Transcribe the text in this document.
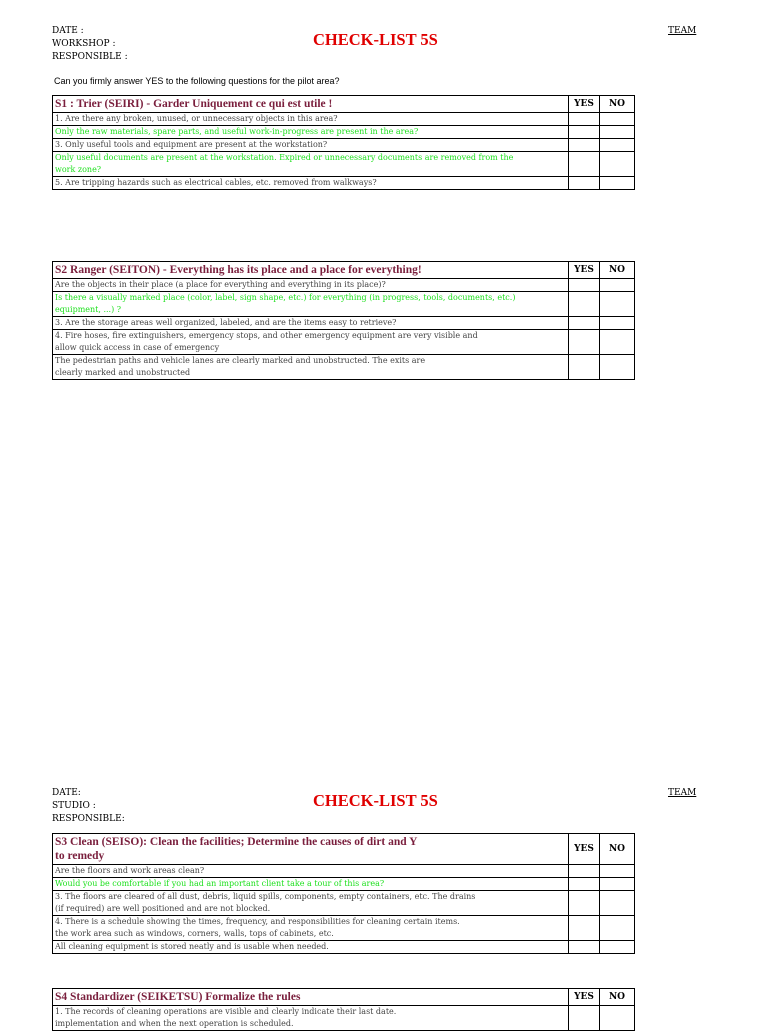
DATE :
WORKSHOP :
RESPONSIBLE :
CHECK-LIST 5S	TEAM
Can you firmly answer YES to the following questions for the pilot area?
S1 : Trier (SEIRI) - Garder Uniquement ce qui est utile !	YES	NO
1. Are there any broken, unused, or unnecessary objects in this area?		
Only the raw materials, spare parts, and useful work-in-progress are present in the area?		
3. Only useful tools and equipment are present at the workstation?		
Only useful documents are present at the workstation. Expired or unnecessary documents are removed from the
work zone?		
5. Are tripping hazards such as electrical cables, etc. removed from walkways?		
S2 Ranger (SEITON) - Everything has its place and a place for everything!	YES	NO
Are the objects in their place (a place for everything and everything in its place)?		
Is there a visually marked place (color, label, sign shape, etc.) for everything (in progress, tools, documents, etc.)
equipment, ...) ?		
3. Are the storage areas well organized, labeled, and are the items easy to retrieve?		
4. Fire hoses, fire extinguishers, emergency stops, and other emergency equipment are very visible and
allow quick access in case of emergency		
The pedestrian paths and vehicle lanes are clearly marked and unobstructed. The exits are
clearly marked and unobstructed		
DATE:
STUDIO :
RESPONSIBLE:
CHECK-LIST 5S	TEAM
S3 Clean (SEISO): Clean the facilities; Determine the causes of dirt and Y
to remedy	YES	NO
Are the floors and work areas clean?		
Would you be comfortable if you had an important client take a tour of this area?		
3. The floors are cleared of all dust, debris, liquid spills, components, empty containers, etc. The drains
(if required) are well positioned and are not blocked.		
4. There is a schedule showing the times, frequency, and responsibilities for cleaning certain items.
the work area such as windows, corners, walls, tops of cabinets, etc.		
All cleaning equipment is stored neatly and is usable when needed.		
S4 Standardizer (SEIKETSU) Formalize the rules	YES	NO
1. The records of cleaning operations are visible and clearly indicate their last date.
implementation and when the next operation is scheduled.		
